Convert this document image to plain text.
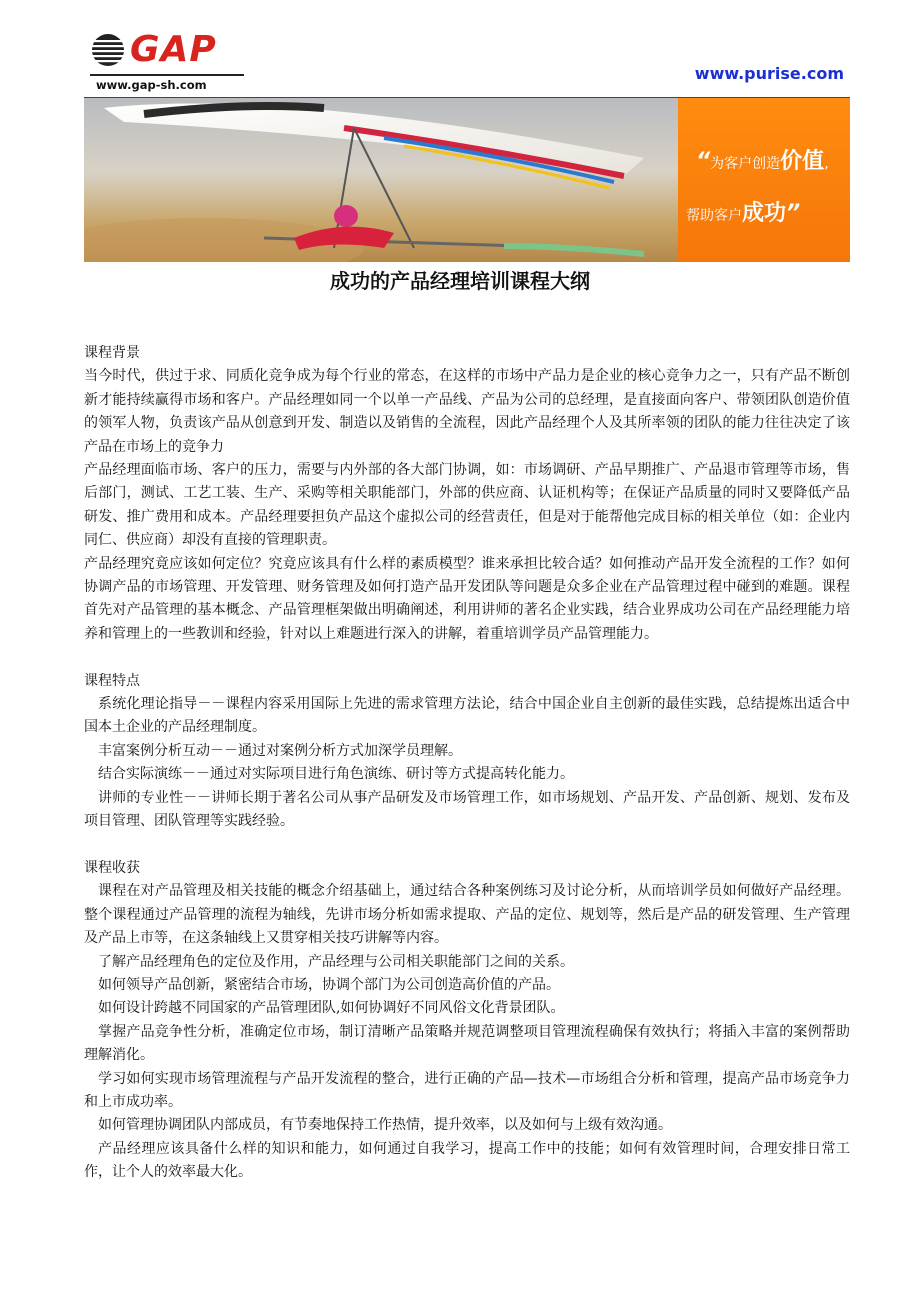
GAP
www.gap-sh.com
www.purise.com
“为客户创造价值,
帮助客户成功”
成功的产品经理培训课程大纲

课程背景

当今时代，供过于求、同质化竞争成为每个行业的常态，在这样的市场中产品力是企业的核心竞争力之一，只有产品不断创新才能持续赢得市场和客户。产品经理如同一个以单一产品线、产品为公司的总经理，是直接面向客户、带领团队创造价值的领军人物，负责该产品从创意到开发、制造以及销售的全流程，因此产品经理个人及其所率领的团队的能力往往决定了该产品在市场上的竞争力

产品经理面临市场、客户的压力，需要与内外部的各大部门协调，如：市场调研、产品早期推广、产品退市管理等市场，售后部门，测试、工艺工装、生产、采购等相关职能部门，外部的供应商、认证机构等；在保证产品质量的同时又要降低产品研发、推广费用和成本。产品经理要担负产品这个虚拟公司的经营责任，但是对于能帮他完成目标的相关单位（如：企业内同仁、供应商）却没有直接的管理职责。

产品经理究竟应该如何定位？究竟应该具有什么样的素质模型？谁来承担比较合适？如何推动产品开发全流程的工作？如何协调产品的市场管理、开发管理、财务管理及如何打造产品开发团队等问题是众多企业在产品管理过程中碰到的难题。课程首先对产品管理的基本概念、产品管理框架做出明确阐述，利用讲师的著名企业实践，结合业界成功公司在产品经理能力培养和管理上的一些教训和经验，针对以上难题进行深入的讲解，着重培训学员产品管理能力。

课程特点

系统化理论指导－－课程内容采用国际上先进的需求管理方法论，结合中国企业自主创新的最佳实践，总结提炼出适合中国本土企业的产品经理制度。

丰富案例分析互动－－通过对案例分析方式加深学员理解。

结合实际演练－－通过对实际项目进行角色演练、研讨等方式提高转化能力。

讲师的专业性－－讲师长期于著名公司从事产品研发及市场管理工作，如市场规划、产品开发、产品创新、规划、发布及项目管理、团队管理等实践经验。

课程收获

课程在对产品管理及相关技能的概念介绍基础上，通过结合各种案例练习及讨论分析，从而培训学员如何做好产品经理。整个课程通过产品管理的流程为轴线，先讲市场分析如需求提取、产品的定位、规划等，然后是产品的研发管理、生产管理及产品上市等，在这条轴线上又贯穿相关技巧讲解等内容。

了解产品经理角色的定位及作用，产品经理与公司相关职能部门之间的关系。

如何领导产品创新，紧密结合市场，协调个部门为公司创造高价值的产品。

如何设计跨越不同国家的产品管理团队,如何协调好不同风俗文化背景团队。

掌握产品竞争性分析，准确定位市场，制订清晰产品策略并规范调整项目管理流程确保有效执行；将插入丰富的案例帮助理解消化。

学习如何实现市场管理流程与产品开发流程的整合，进行正确的产品—技术—市场组合分析和管理，提高产品市场竞争力和上市成功率。

如何管理协调团队内部成员，有节奏地保持工作热情，提升效率，以及如何与上级有效沟通。

产品经理应该具备什么样的知识和能力，如何通过自我学习，提高工作中的技能；如何有效管理时间，合理安排日常工作，让个人的效率最大化。
